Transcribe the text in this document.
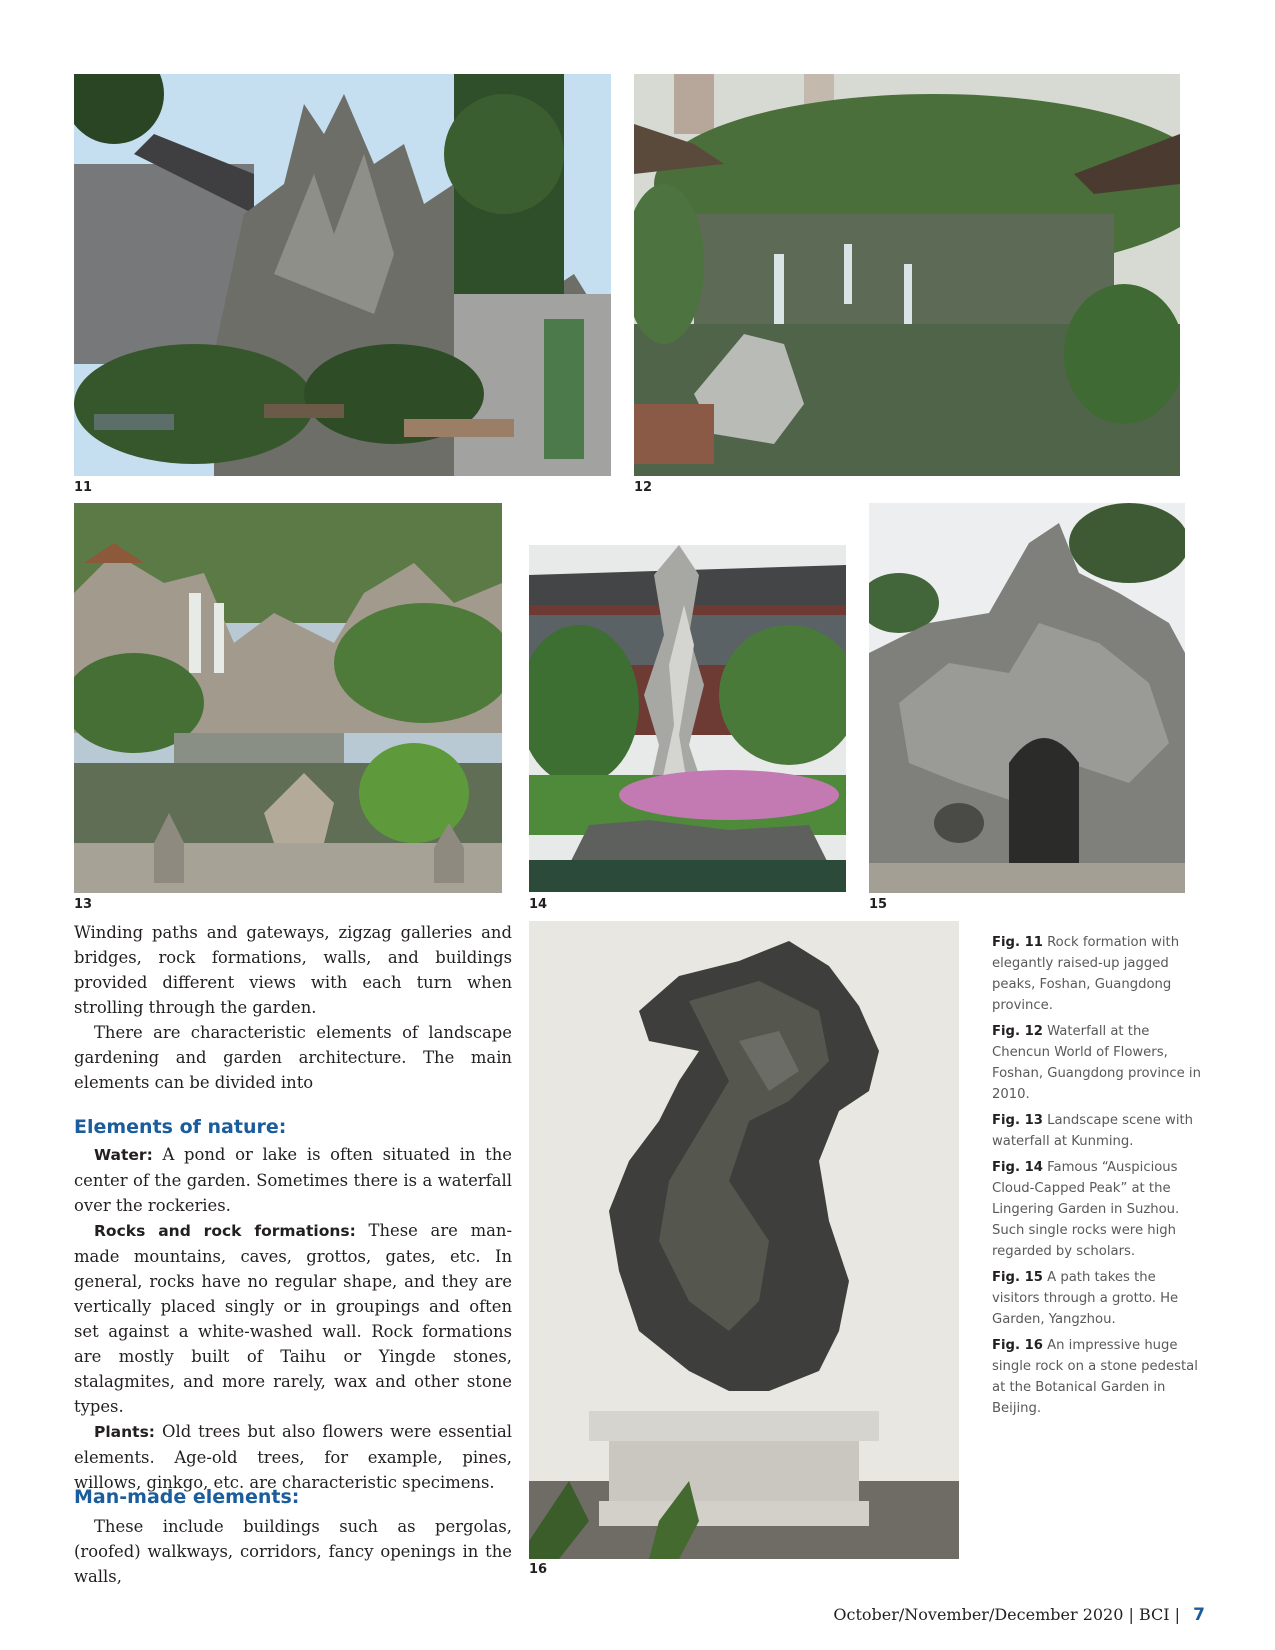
11	12
13	14	15
16

Winding paths and gateways, zigzag galleries and bridges, rock formations, walls, and buildings provided different views with each turn when strolling through the garden.

There are characteristic elements of landscape gardening and garden architecture. The main elements can be divided into

Elements of nature:

Water: A pond or lake is often situated in the center of the garden. Sometimes there is a waterfall over the rockeries.

Rocks and rock formations: These are man-made mountains, caves, grottos, gates, etc. In general, rocks have no regular shape, and they are vertically placed singly or in groupings and often set against a white-washed wall. Rock formations are mostly built of Taihu or Yingde stones, stalagmites, and more rarely, wax and other stone types.

Plants: Old trees but also flowers were essential elements. Age-old trees, for example, pines, willows, ginkgo, etc. are characteristic specimens.

Man-made elements:

These include buildings such as pergolas, (roofed) walkways, corridors, fancy openings in the walls,

Fig. 11 Rock formation with elegantly raised-up jagged peaks, Foshan, Guangdong province.

Fig. 12 Waterfall at the Chencun World of Flowers, Foshan, Guangdong province in 2010.

Fig. 13 Landscape scene with waterfall at Kunming.

Fig. 14 Famous “Auspicious Cloud-Capped Peak” at the Lingering Garden in Suzhou. Such single rocks were high regarded by scholars.

Fig. 15 A path takes the visitors through a grotto. He Garden, Yangzhou.

Fig. 16 An impressive huge single rock on a stone pedestal at the Botanical Garden in Beijing.

October/November/December 2020 | BCI | 7
